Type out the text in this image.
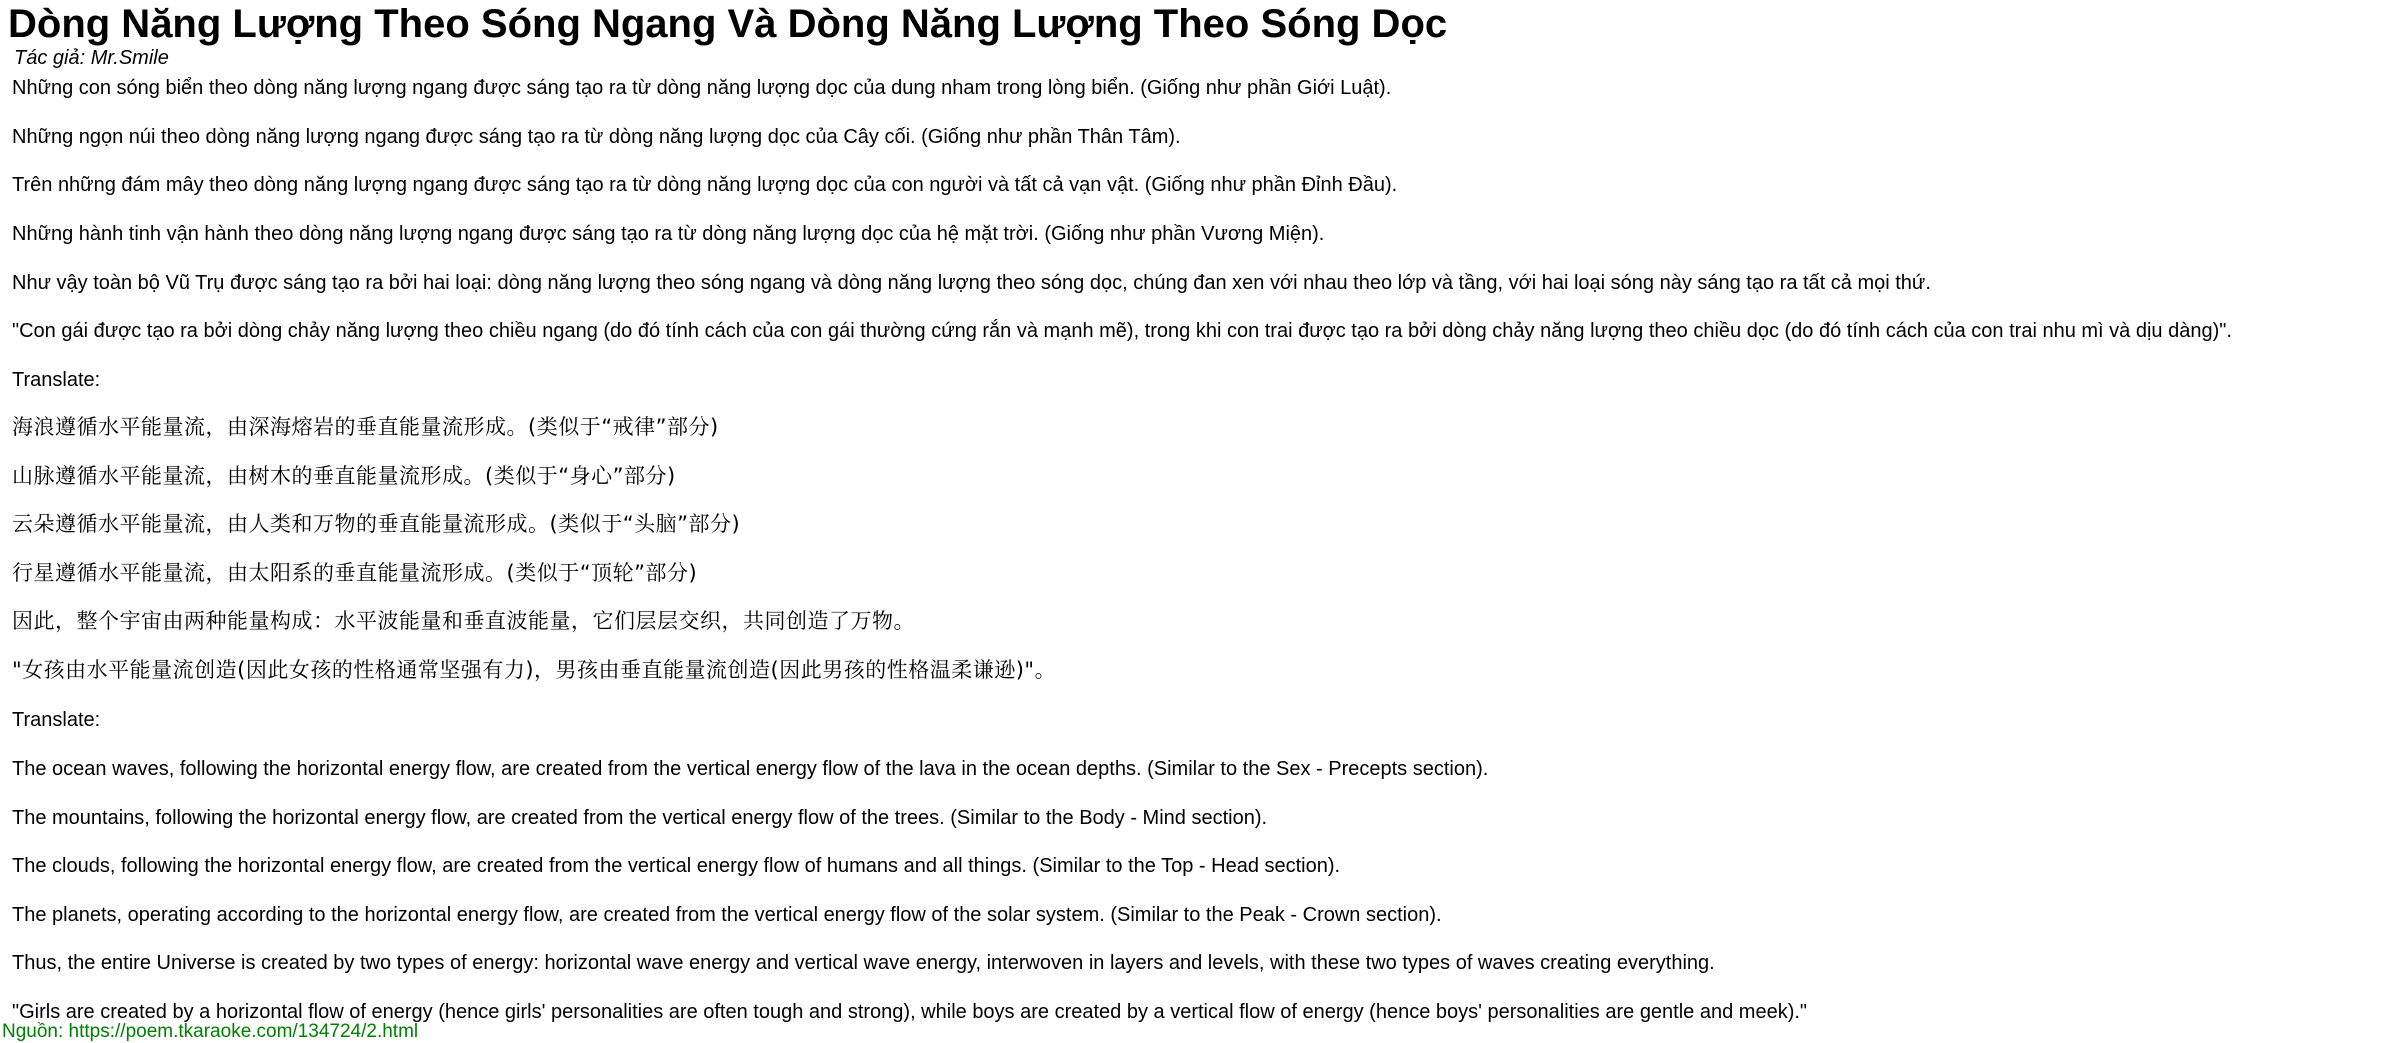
Dòng Năng Lượng Theo Sóng Ngang Và Dòng Năng Lượng Theo Sóng Dọc
Tác giả: Mr.Smile

Những con sóng biển theo dòng năng lượng ngang được sáng tạo ra từ dòng năng lượng dọc của dung nham trong lòng biển. (Giống như phần Giới Luật).

Những ngọn núi theo dòng năng lượng ngang được sáng tạo ra từ dòng năng lượng dọc của Cây cối. (Giống như phần Thân Tâm).

Trên những đám mây theo dòng năng lượng ngang được sáng tạo ra từ dòng năng lượng dọc của con người và tất cả vạn vật. (Giống như phần Đỉnh Đầu).

Những hành tinh vận hành theo dòng năng lượng ngang được sáng tạo ra từ dòng năng lượng dọc của hệ mặt trời. (Giống như phần Vương Miện).

Như vậy toàn bộ Vũ Trụ được sáng tạo ra bởi hai loại: dòng năng lượng theo sóng ngang và dòng năng lượng theo sóng dọc, chúng đan xen với nhau theo lớp và tầng, với hai loại sóng này sáng tạo ra tất cả mọi thứ.

"Con gái được tạo ra bởi dòng chảy năng lượng theo chiều ngang (do đó tính cách của con gái thường cứng rắn và mạnh mẽ), trong khi con trai được tạo ra bởi dòng chảy năng lượng theo chiều dọc (do đó tính cách của con trai nhu mì và dịu dàng)".

Translate:

海浪遵循水平能量流，由深海熔岩的垂直能量流形成。(类似于“戒律”部分)

山脉遵循水平能量流，由树木的垂直能量流形成。(类似于“身心”部分)

云朵遵循水平能量流，由人类和万物的垂直能量流形成。(类似于“头脑”部分)

行星遵循水平能量流，由太阳系的垂直能量流形成。(类似于“顶轮”部分)

因此，整个宇宙由两种能量构成：水平波能量和垂直波能量，它们层层交织，共同创造了万物。

"女孩由水平能量流创造(因此女孩的性格通常坚强有力)，男孩由垂直能量流创造(因此男孩的性格温柔谦逊)"。

Translate:

The ocean waves, following the horizontal energy flow, are created from the vertical energy flow of the lava in the ocean depths. (Similar to the Sex - Precepts section).

The mountains, following the horizontal energy flow, are created from the vertical energy flow of the trees. (Similar to the Body - Mind section).

The clouds, following the horizontal energy flow, are created from the vertical energy flow of humans and all things. (Similar to the Top - Head section).

The planets, operating according to the horizontal energy flow, are created from the vertical energy flow of the solar system. (Similar to the Peak - Crown section).

Thus, the entire Universe is created by two types of energy: horizontal wave energy and vertical wave energy, interwoven in layers and levels, with these two types of waves creating everything.

"Girls are created by a horizontal flow of energy (hence girls' personalities are often tough and strong), while boys are created by a vertical flow of energy (hence boys' personalities are gentle and meek)."

Nguồn: https://poem.tkaraoke.com/134724/2.html
